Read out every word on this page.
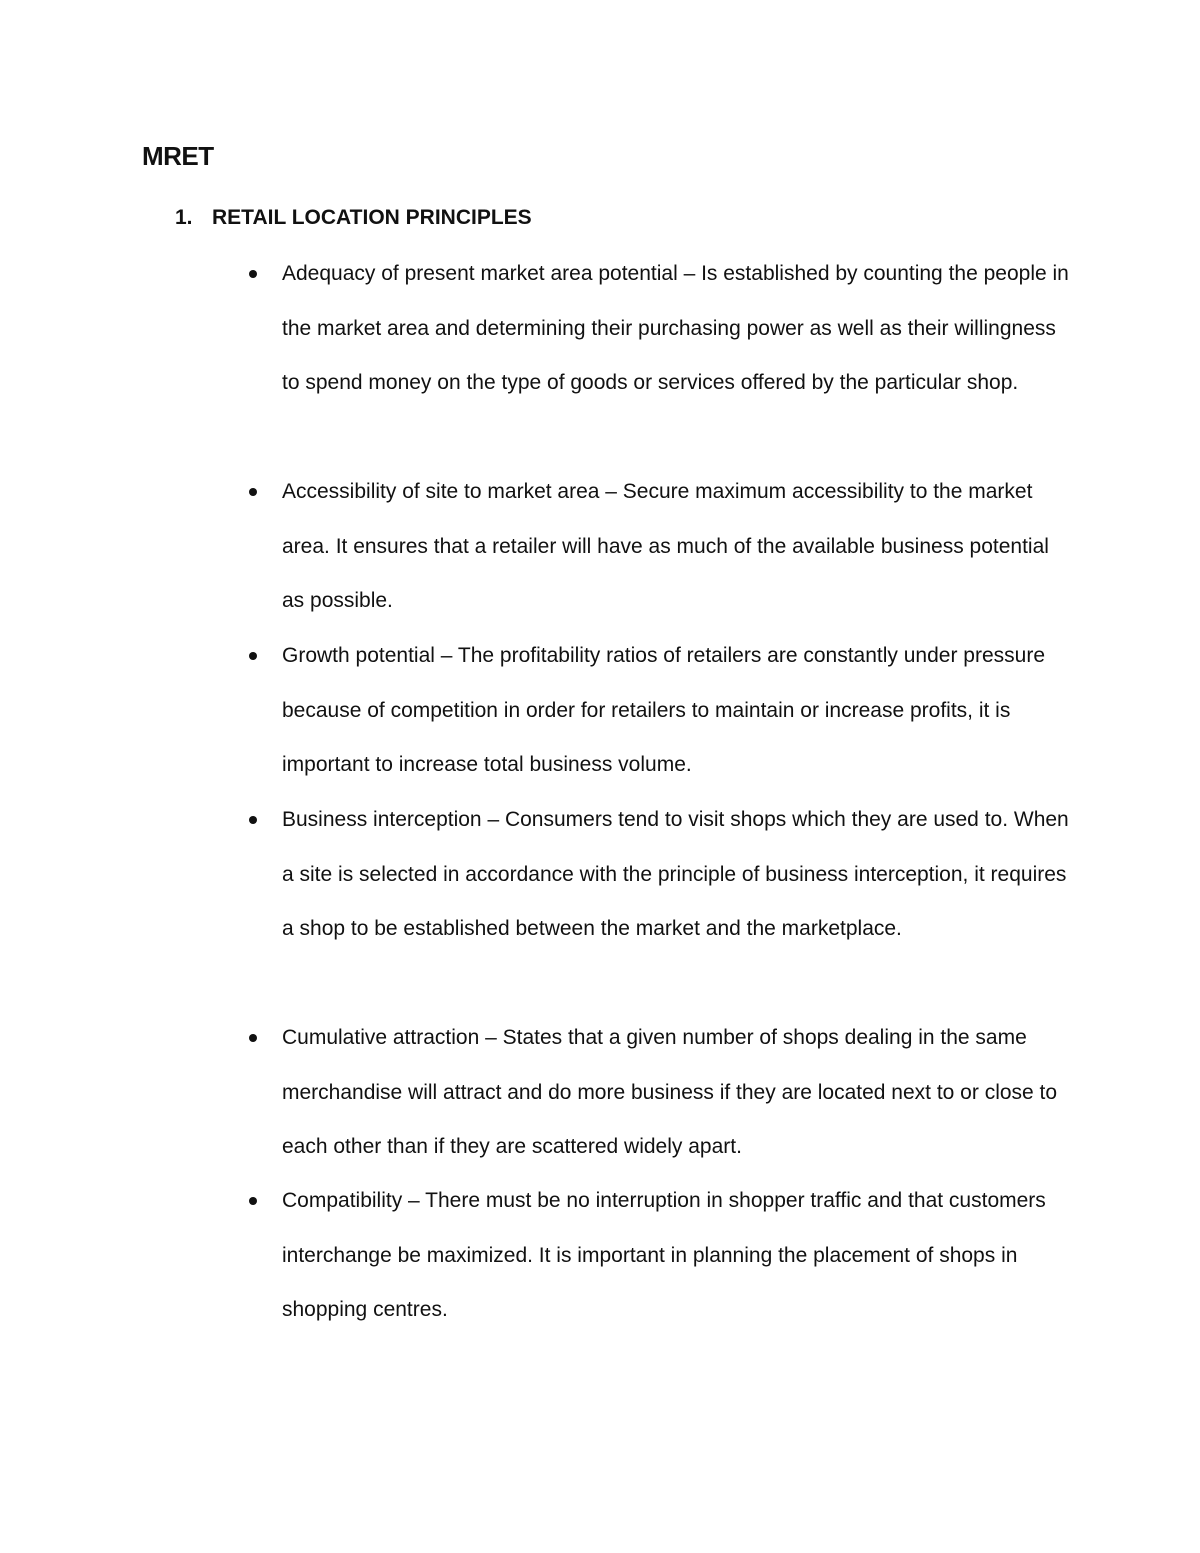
MRET
1. RETAIL LOCATION PRINCIPLES
Adequacy of present market area potential – Is established by counting the people in the market area and determining their purchasing power as well as their willingness to spend money on the type of goods or services offered by the particular shop.
Accessibility of site to market area – Secure maximum accessibility to the market area. It ensures that a retailer will have as much of the available business potential as possible.
Growth potential – The profitability ratios of retailers are constantly under pressure because of competition in order for retailers to maintain or increase profits, it is important to increase total business volume.
Business interception – Consumers tend to visit shops which they are used to. When a site is selected in accordance with the principle of business interception, it requires a shop to be established between the market and the marketplace.
Cumulative attraction – States that a given number of shops dealing in the same merchandise will attract and do more business if they are located next to or close to each other than if they are scattered widely apart.
Compatibility – There must be no interruption in shopper traffic and that customers interchange be maximized. It is important in planning the placement of shops in shopping centres.
